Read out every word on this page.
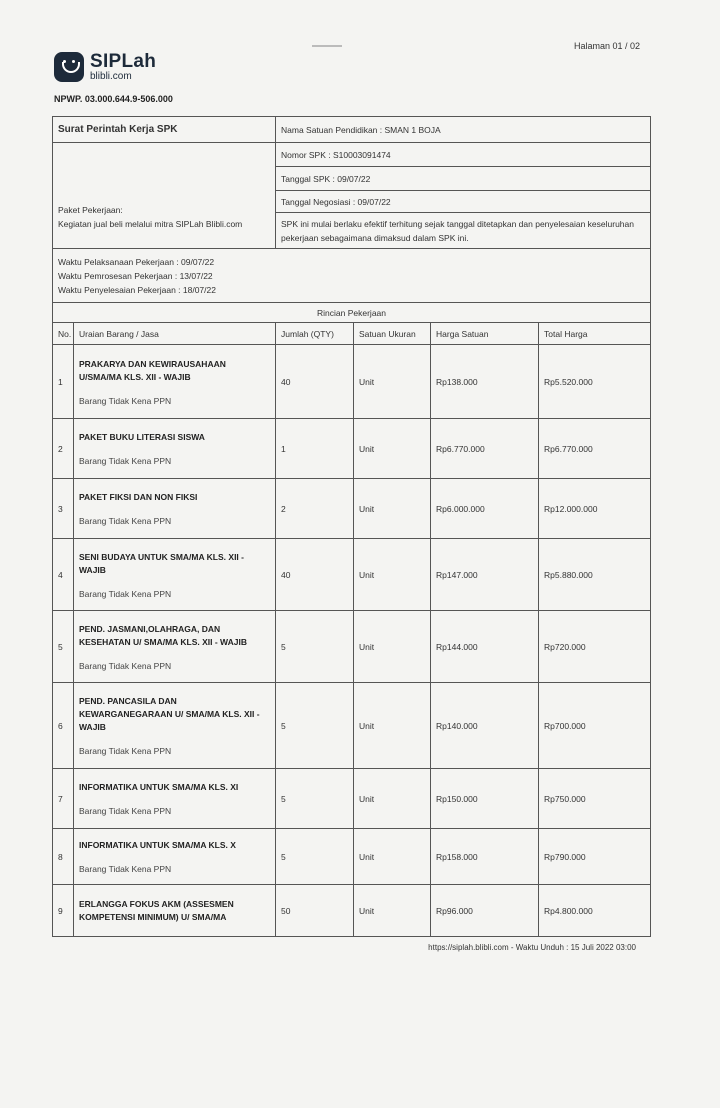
Halaman 01 / 02
SIPLah
blibli.com
NPWP. 03.000.644.9-506.000
Surat Perintah Kerja SPK		Nama Satuan Pendidikan : SMAN 1 BOJA			

Paket Pekerjaan:
Kegiatan jual beli melalui mitra SIPLah Blibli.com		Nomor SPK : S10003091474			
		Tanggal SPK : 09/07/22			
		Tanggal Negosiasi : 09/07/22			
		SPK ini mulai berlaku efektif terhitung sejak tanggal ditetapkan dan penyelesaian keseluruhan pekerjaan sebagaimana dimaksud dalam SPK ini.			

Waktu Pelaksanaan Pekerjaan : 09/07/22
Waktu Pemrosesan Pekerjaan : 13/07/22
Waktu Penyelesaian Pekerjaan : 18/07/22					

Rincian Pekerjaan					
No.	Uraian Barang / Jasa	Jumlah (QTY)	Satuan Ukuran	Harga Satuan	Total Harga
1	PRAKARYA DAN KEWIRAUSAHAAN U/SMA/MA KLS. XII - WAJIB
Barang Tidak Kena PPN	40	Unit	Rp138.000	Rp5.520.000
2	PAKET BUKU LITERASI SISWA
Barang Tidak Kena PPN	1	Unit	Rp6.770.000	Rp6.770.000
3	PAKET FIKSI DAN NON FIKSI
Barang Tidak Kena PPN	2	Unit	Rp6.000.000	Rp12.000.000
4	SENI BUDAYA UNTUK SMA/MA KLS. XII - WAJIB
Barang Tidak Kena PPN	40	Unit	Rp147.000	Rp5.880.000
5	PEND. JASMANI,OLAHRAGA, DAN KESEHATAN U/ SMA/MA KLS. XII - WAJIB
Barang Tidak Kena PPN	5	Unit	Rp144.000	Rp720.000
6	PEND. PANCASILA DAN KEWARGANEGARAAN U/ SMA/MA KLS. XII - WAJIB
Barang Tidak Kena PPN	5	Unit	Rp140.000	Rp700.000
7	INFORMATIKA UNTUK SMA/MA KLS. XI
Barang Tidak Kena PPN	5	Unit	Rp150.000	Rp750.000
8	INFORMATIKA UNTUK SMA/MA KLS. X
Barang Tidak Kena PPN	5	Unit	Rp158.000	Rp790.000
9	ERLANGGA FOKUS AKM (ASSESMEN KOMPETENSI MINIMUM) U/ SMA/MA	50	Unit	Rp96.000	Rp4.800.000
https://siplah.blibli.com - Waktu Unduh : 15 Juli 2022 03:00
